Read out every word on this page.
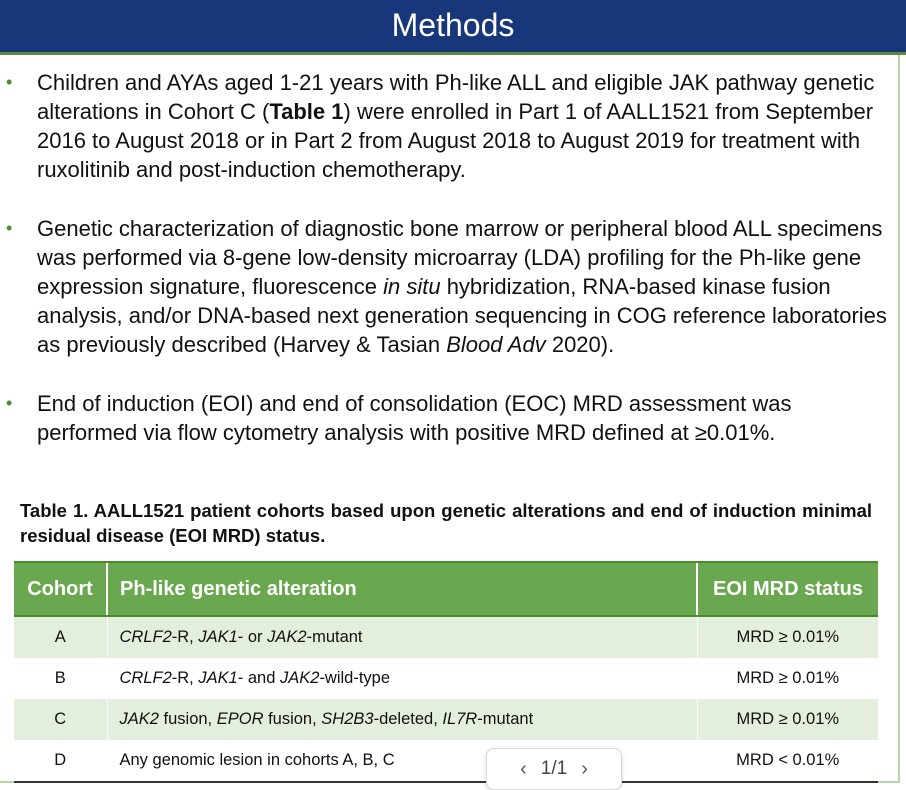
Methods
• Children and AYAs aged 1-21 years with Ph-like ALL and eligible JAK pathway genetic alterations in Cohort C (Table 1) were enrolled in Part 1 of AALL1521 from September 2016 to August 2018 or in Part 2 from August 2018 to August 2019 for treatment with ruxolitinib and post-induction chemotherapy.
• Genetic characterization of diagnostic bone marrow or peripheral blood ALL specimens was performed via 8-gene low-density microarray (LDA) profiling for the Ph-like gene expression signature, fluorescence in situ hybridization, RNA-based kinase fusion analysis, and/or DNA-based next generation sequencing in COG reference laboratories as previously described (Harvey & Tasian Blood Adv 2020).
• End of induction (EOI) and end of consolidation (EOC) MRD assessment was performed via flow cytometry analysis with positive MRD defined at ≥0.01%.
Table 1. AALL1521 patient cohorts based upon genetic alterations and end of induction minimal residual disease (EOI MRD) status.
Cohort	Ph-like genetic alteration	EOI MRD status
A	CRLF2-R, JAK1- or JAK2-mutant	MRD ≥ 0.01%
B	CRLF2-R, JAK1- and JAK2-wild-type	MRD ≥ 0.01%
C	JAK2 fusion, EPOR fusion, SH2B3-deleted, IL7R-mutant	MRD ≥ 0.01%
D	Any genomic lesion in cohorts A, B, C	MRD < 0.01%
‹ 1/1 ›
